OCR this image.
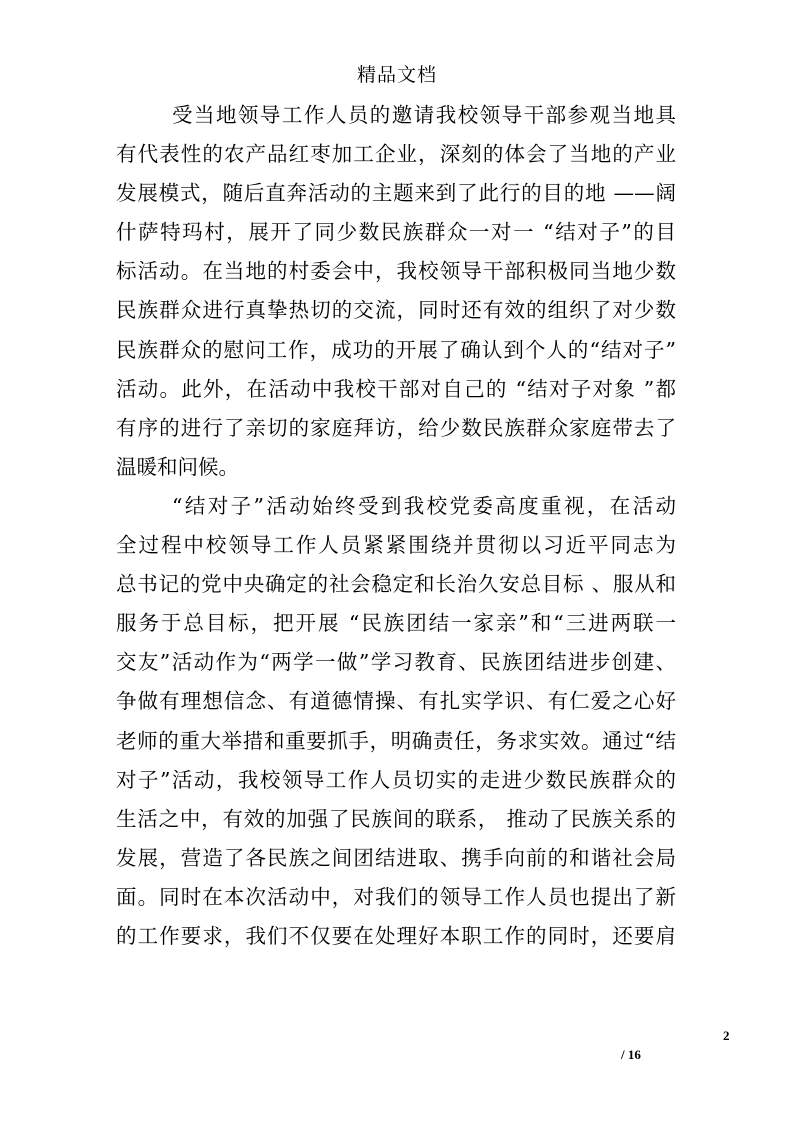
精品文档
受当地领导工作人员的邀请我校领导干部参观当地具
有代表性的农产品红枣加工企业，深刻的体会了当地的产业
发展模式，随后直奔活动的主题来到了此行的目的地 ——阔
什萨特玛村，展开了同少数民族群众一对一 “结对子”的目
标活动。在当地的村委会中，我校领导干部积极同当地少数
民族群众进行真挚热切的交流，同时还有效的组织了对少数
民族群众的慰问工作，成功的开展了确认到个人的“结对子”
活动。此外，在活动中我校干部对自己的 “结对子对象 ”都
有序的进行了亲切的家庭拜访，给少数民族群众家庭带去了
温暖和问候。
“结对子”活动始终受到我校党委高度重视，在活动
全过程中校领导工作人员紧紧围绕并贯彻以习近平同志为
总书记的党中央确定的社会稳定和长治久安总目标 、服从和
服务于总目标，把开展 “民族团结一家亲”和“三进两联一
交友”活动作为“两学一做”学习教育、民族团结进步创建、
争做有理想信念、有道德情操、有扎实学识、有仁爱之心好
老师的重大举措和重要抓手，明确责任，务求实效。通过“结
对子”活动，我校领导工作人员切实的走进少数民族群众的
生活之中，有效的加强了民族间的联系， 推动了民族关系的
发展，营造了各民族之间团结进取、携手向前的和谐社会局
面。同时在本次活动中，对我们的领导工作人员也提出了新
的工作要求，我们不仅要在处理好本职工作的同时，还要肩
2
/ 16
